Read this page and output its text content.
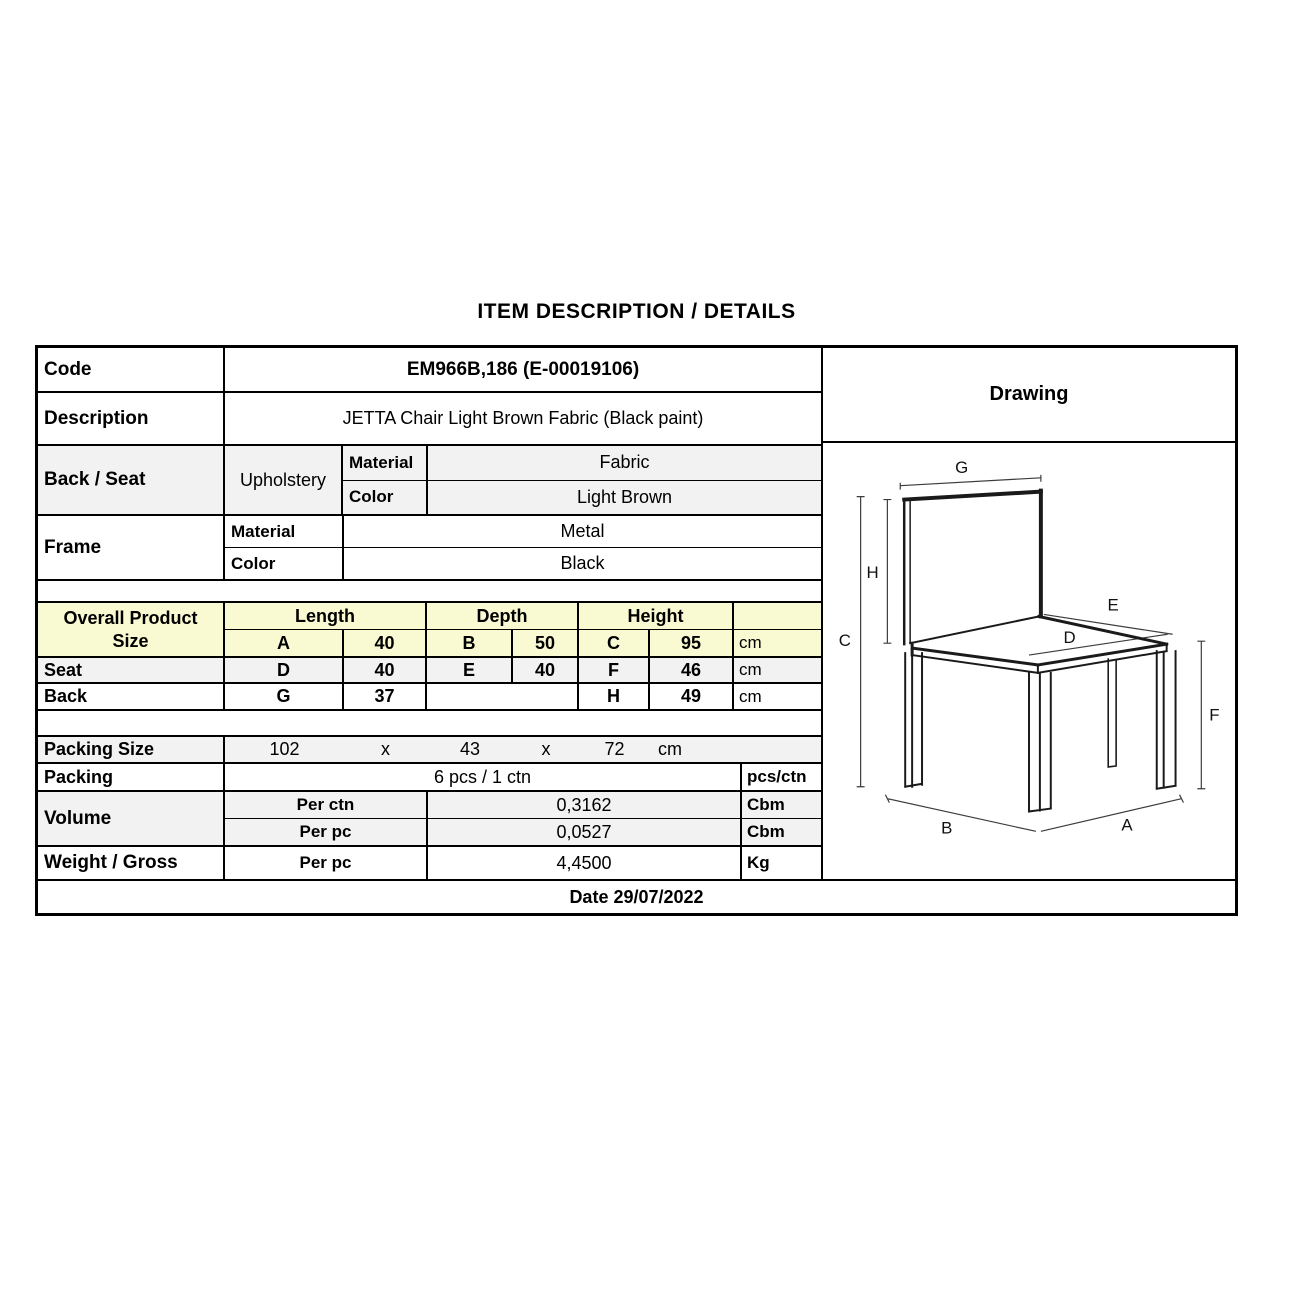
ITEM DESCRIPTION / DETAILS
Code	EM966B,186 (E-00019106)
Description	JETTA Chair Light Brown Fabric (Black paint)
Back / Seat	Upholstery
Material	Fabric
Color	Light Brown
Frame
Material	Metal
Color	Black
Overall Product
Size
Length	Depth	Height
A	40	B	50	C	95	cm
Seat	D	40	E	40	F	46	cm
Back	G	37	H	49	cm
Packing Size	102	x	43	x	72	cm
Packing	6 pcs / 1 ctn	pcs/ctn
Volume
Per ctn	0,3162	Cbm
Per pc	0,0527	Cbm
Weight / Gross	Per pc	4,4500	Kg
Drawing
G
H
C
E
D
F
B	A
Date 29/07/2022
